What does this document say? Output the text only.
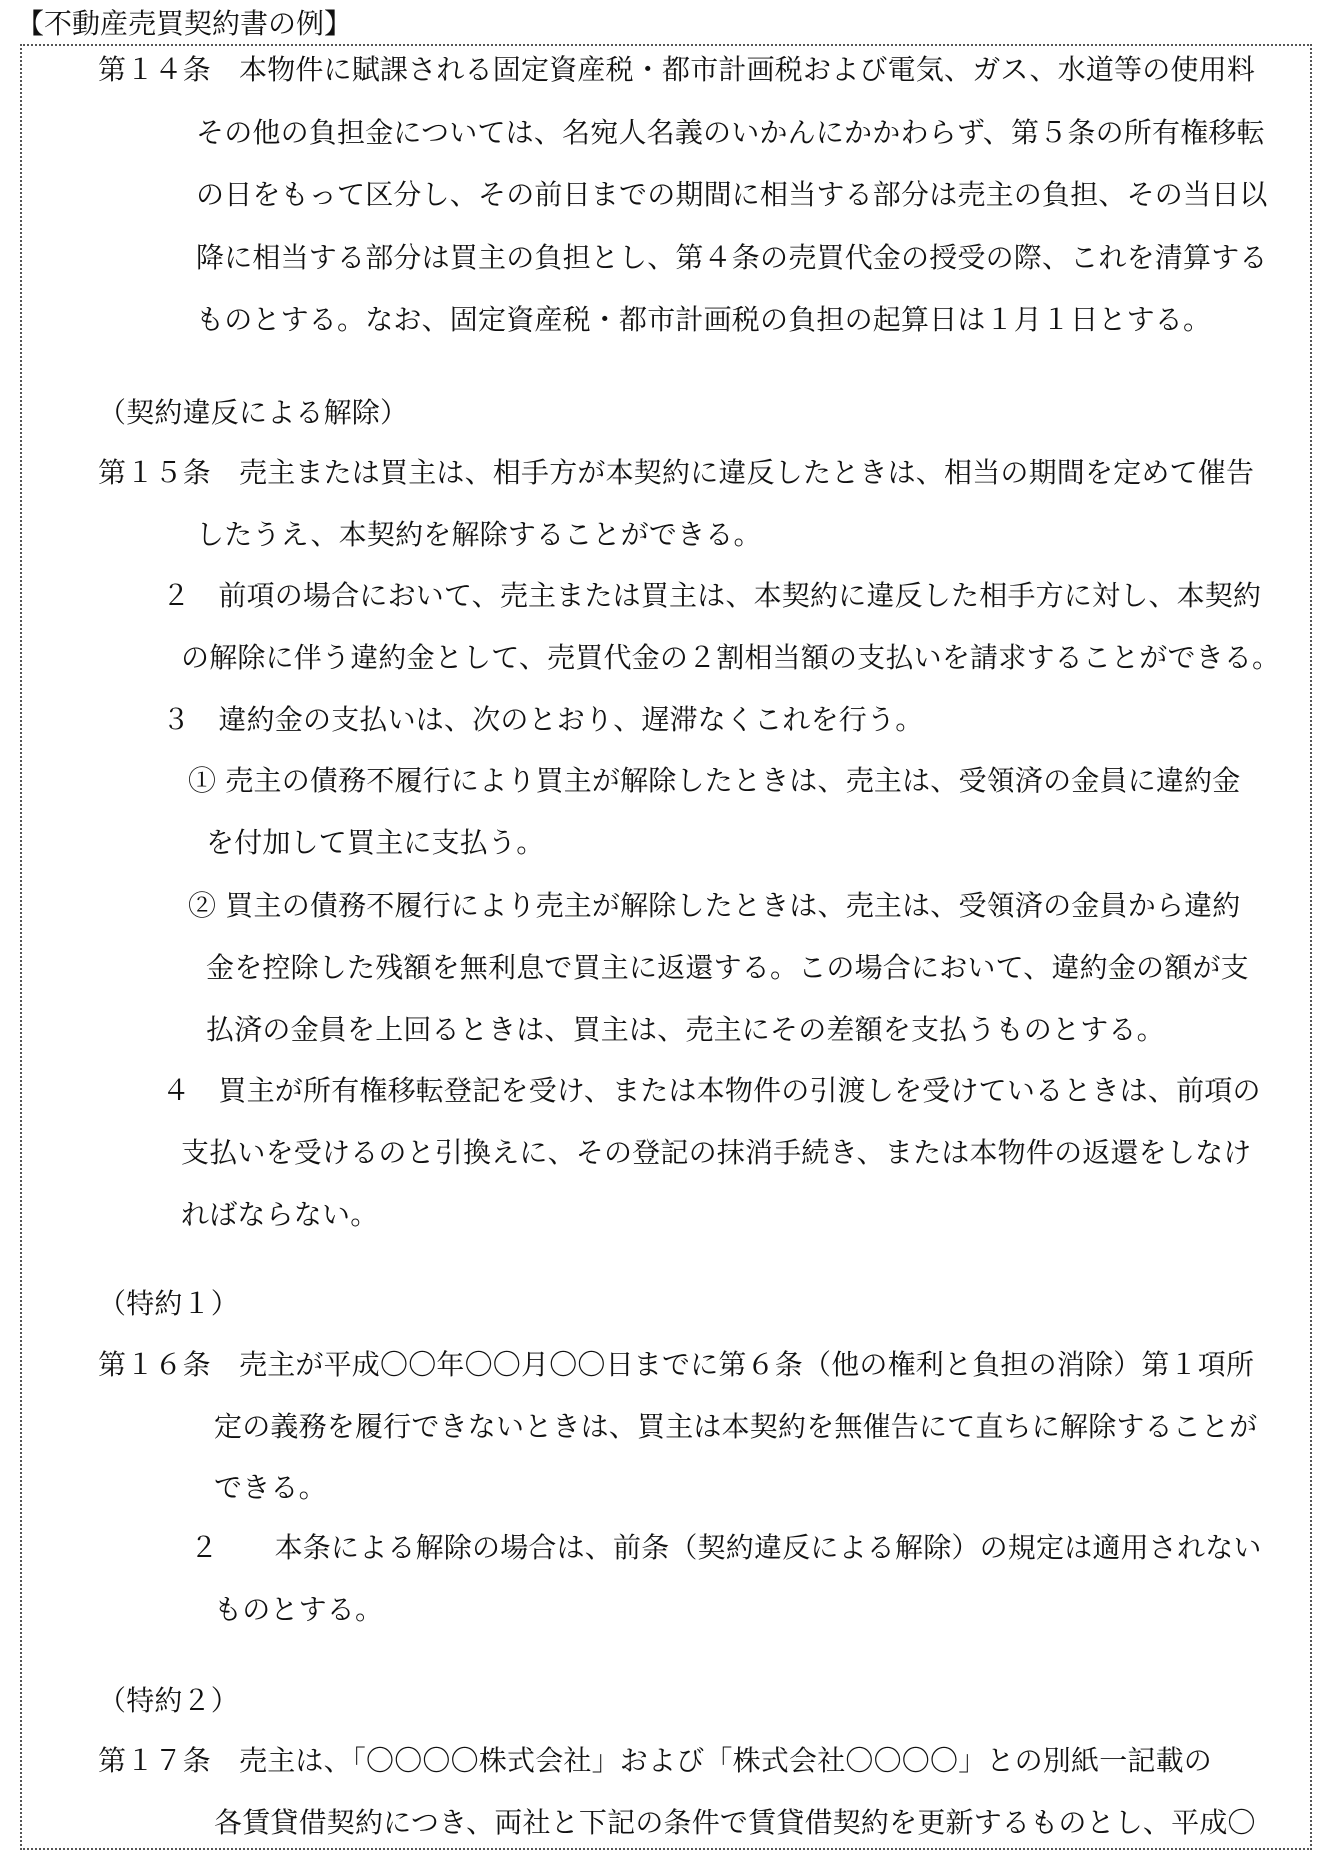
【不動産売買契約書の例】
第１４条　本物件に賦課される固定資産税・都市計画税および電気、ガス、水道等の使用料
その他の負担金については、名宛人名義のいかんにかかわらず、第５条の所有権移転
の日をもって区分し、その前日までの期間に相当する部分は売主の負担、その当日以
降に相当する部分は買主の負担とし、第４条の売買代金の授受の際、これを清算する
ものとする。なお、固定資産税・都市計画税の負担の起算日は１月１日とする。
（契約違反による解除）
第１５条　売主または買主は、相手方が本契約に違反したときは、相当の期間を定めて催告
したうえ、本契約を解除することができる。
２　前項の場合において、売主または買主は、本契約に違反した相手方に対し、本契約
の解除に伴う違約金として、売買代金の２割相当額の支払いを請求することができる。
３　違約金の支払いは、次のとおり、遅滞なくこれを行う。
① 売主の債務不履行により買主が解除したときは、売主は、受領済の金員に違約金
を付加して買主に支払う。
② 買主の債務不履行により売主が解除したときは、売主は、受領済の金員から違約
金を控除した残額を無利息で買主に返還する。この場合において、違約金の額が支
払済の金員を上回るときは、買主は、売主にその差額を支払うものとする。
４　買主が所有権移転登記を受け、または本物件の引渡しを受けているときは、前項の
支払いを受けるのと引換えに、その登記の抹消手続き、または本物件の返還をしなけ
ればならない。
（特約１）
第１６条　売主が平成〇〇年〇〇月〇〇日までに第６条（他の権利と負担の消除）第１項所
定の義務を履行できないときは、買主は本契約を無催告にて直ちに解除することが
できる。
２　　本条による解除の場合は、前条（契約違反による解除）の規定は適用されない
ものとする。
（特約２）
第１７条　売主は、「〇〇〇〇株式会社」および「株式会社〇〇〇〇」との別紙一記載の
各賃貸借契約につき、両社と下記の条件で賃貸借契約を更新するものとし、平成〇
